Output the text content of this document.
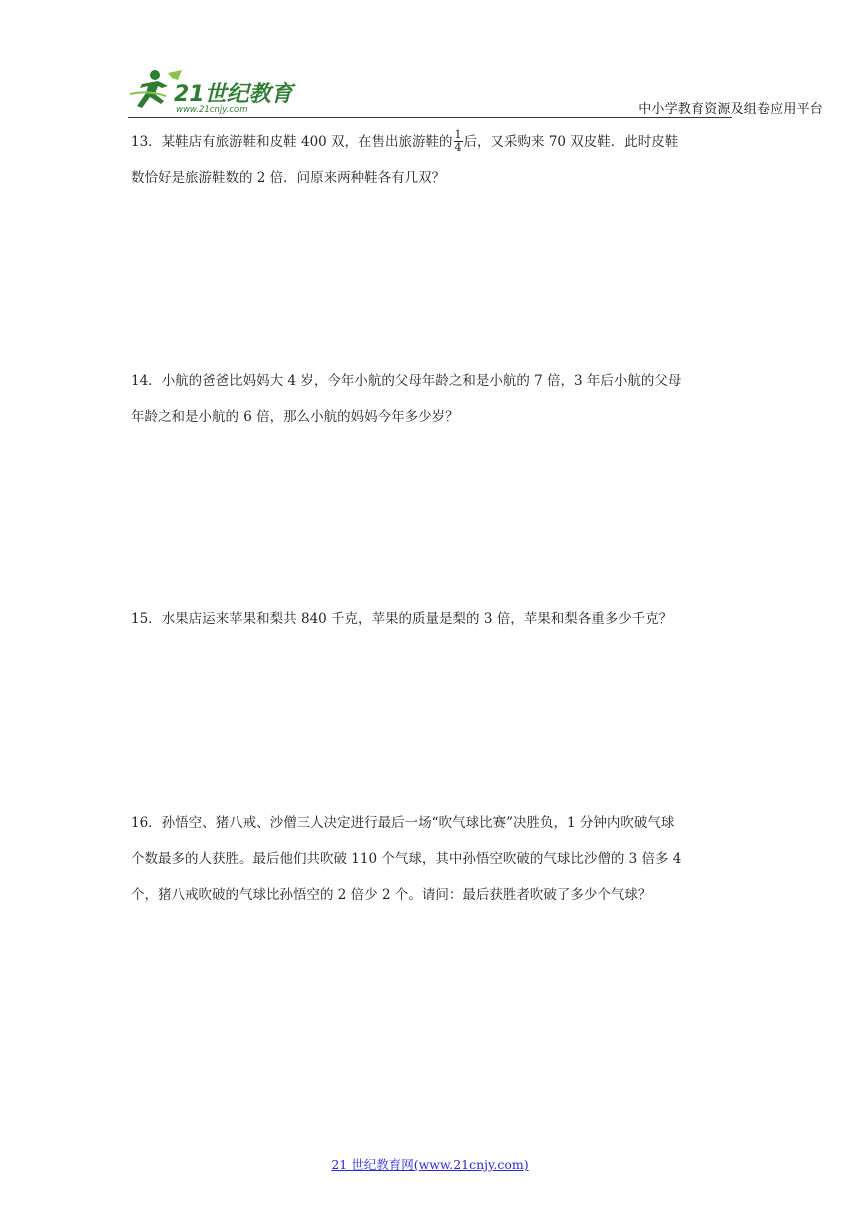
21世纪教育
www.21cnjy.com	中小学教育资源及组卷应用平台

13．某鞋店有旅游鞋和皮鞋 400 双，在售出旅游鞋的 $\frac{1}{4}$ 后，又采购来 70 双皮鞋．此时皮鞋

数恰好是旅游鞋数的 2 倍．问原来两种鞋各有几双？

14．小航的爸爸比妈妈大 4 岁，今年小航的父母年龄之和是小航的 7 倍，3 年后小航的父母

年龄之和是小航的 6 倍，那么小航的妈妈今年多少岁？

15．水果店运来苹果和梨共 840 千克，苹果的质量是梨的 3 倍，苹果和梨各重多少千克？

16．孙悟空、猪八戒、沙僧三人决定进行最后一场“吹气球比赛”决胜负，1 分钟内吹破气球

个数最多的人获胜。最后他们共吹破 110 个气球，其中孙悟空吹破的气球比沙僧的 3 倍多 4

个，猪八戒吹破的气球比孙悟空的 2 倍少 2 个。请问：最后获胜者吹破了多少个气球？

21 世纪教育网(www.21cnjy.com)
